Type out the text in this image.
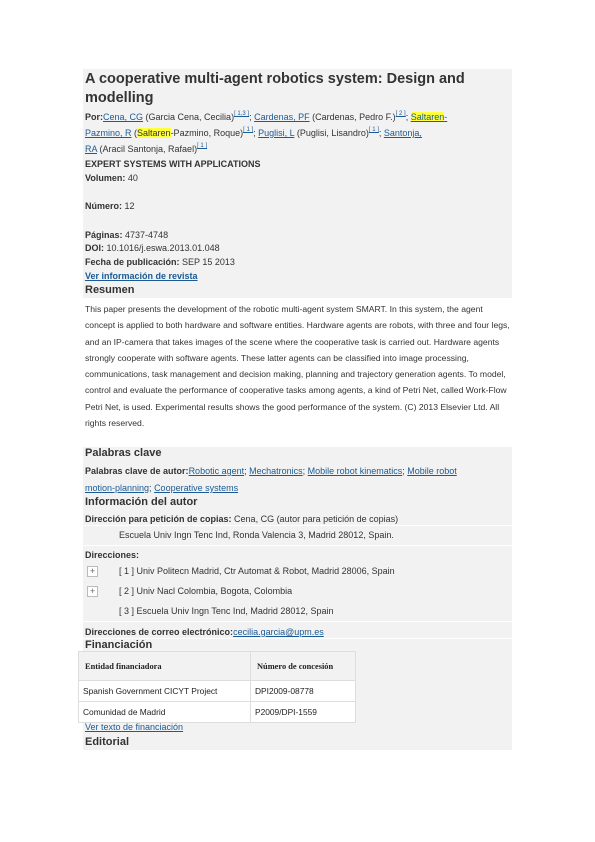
A cooperative multi-agent robotics system: Design and
modelling
Por:Cena, CG (Garcia Cena, Cecilia)[ 1,3 ]; Cardenas, PF (Cardenas, Pedro F.)[ 2 ]; Saltaren-
Pazmino, R (Saltaren-Pazmino, Roque)[ 1 ]; Puglisi, L (Puglisi, Lisandro)[ 1 ]; Santonja,
RA (Aracil Santonja, Rafael)[ 1 ]
EXPERT SYSTEMS WITH APPLICATIONS
Volumen: 40
Número: 12
Páginas: 4737-4748
DOI: 10.1016/j.eswa.2013.01.048
Fecha de publicación: SEP 15 2013
Ver información de revista
Resumen
This paper presents the development of the robotic multi-agent system SMART. In this system, the agent concept is applied to both hardware and software entities. Hardware agents are robots, with three and four legs, and an IP-camera that takes images of the scene where the cooperative task is carried out. Hardware agents strongly cooperate with software agents. These latter agents can be classified into image processing, communications, task management and decision making, planning and trajectory generation agents. To model, control and evaluate the performance of cooperative tasks among agents, a kind of Petri Net, called Work-Flow Petri Net, is used. Experimental results shows the good performance of the system. (C) 2013 Elsevier Ltd. All rights reserved.
Palabras clave
Palabras clave de autor:Robotic agent; Mechatronics; Mobile robot kinematics; Mobile robot
motion-planning; Cooperative systems
Información del autor
Dirección para petición de copias: Cena, CG (autor para petición de copias)
Escuela Univ Ingn Tenc Ind, Ronda Valencia 3, Madrid 28012, Spain.
Direcciones:
+	[ 1 ] Univ Politecn Madrid, Ctr Automat & Robot, Madrid 28006, Spain
+	[ 2 ] Univ Nacl Colombia, Bogota, Colombia
[ 3 ] Escuela Univ Ingn Tenc Ind, Madrid 28012, Spain
Direcciones de correo electrónico:cecilia.garcia@upm.es
Financiación
Entidad financiadora	Número de concesión
Spanish Government CICYT Project	DPI2009-08778
Comunidad de Madrid	P2009/DPI-1559
Ver texto de financiación
Editorial
